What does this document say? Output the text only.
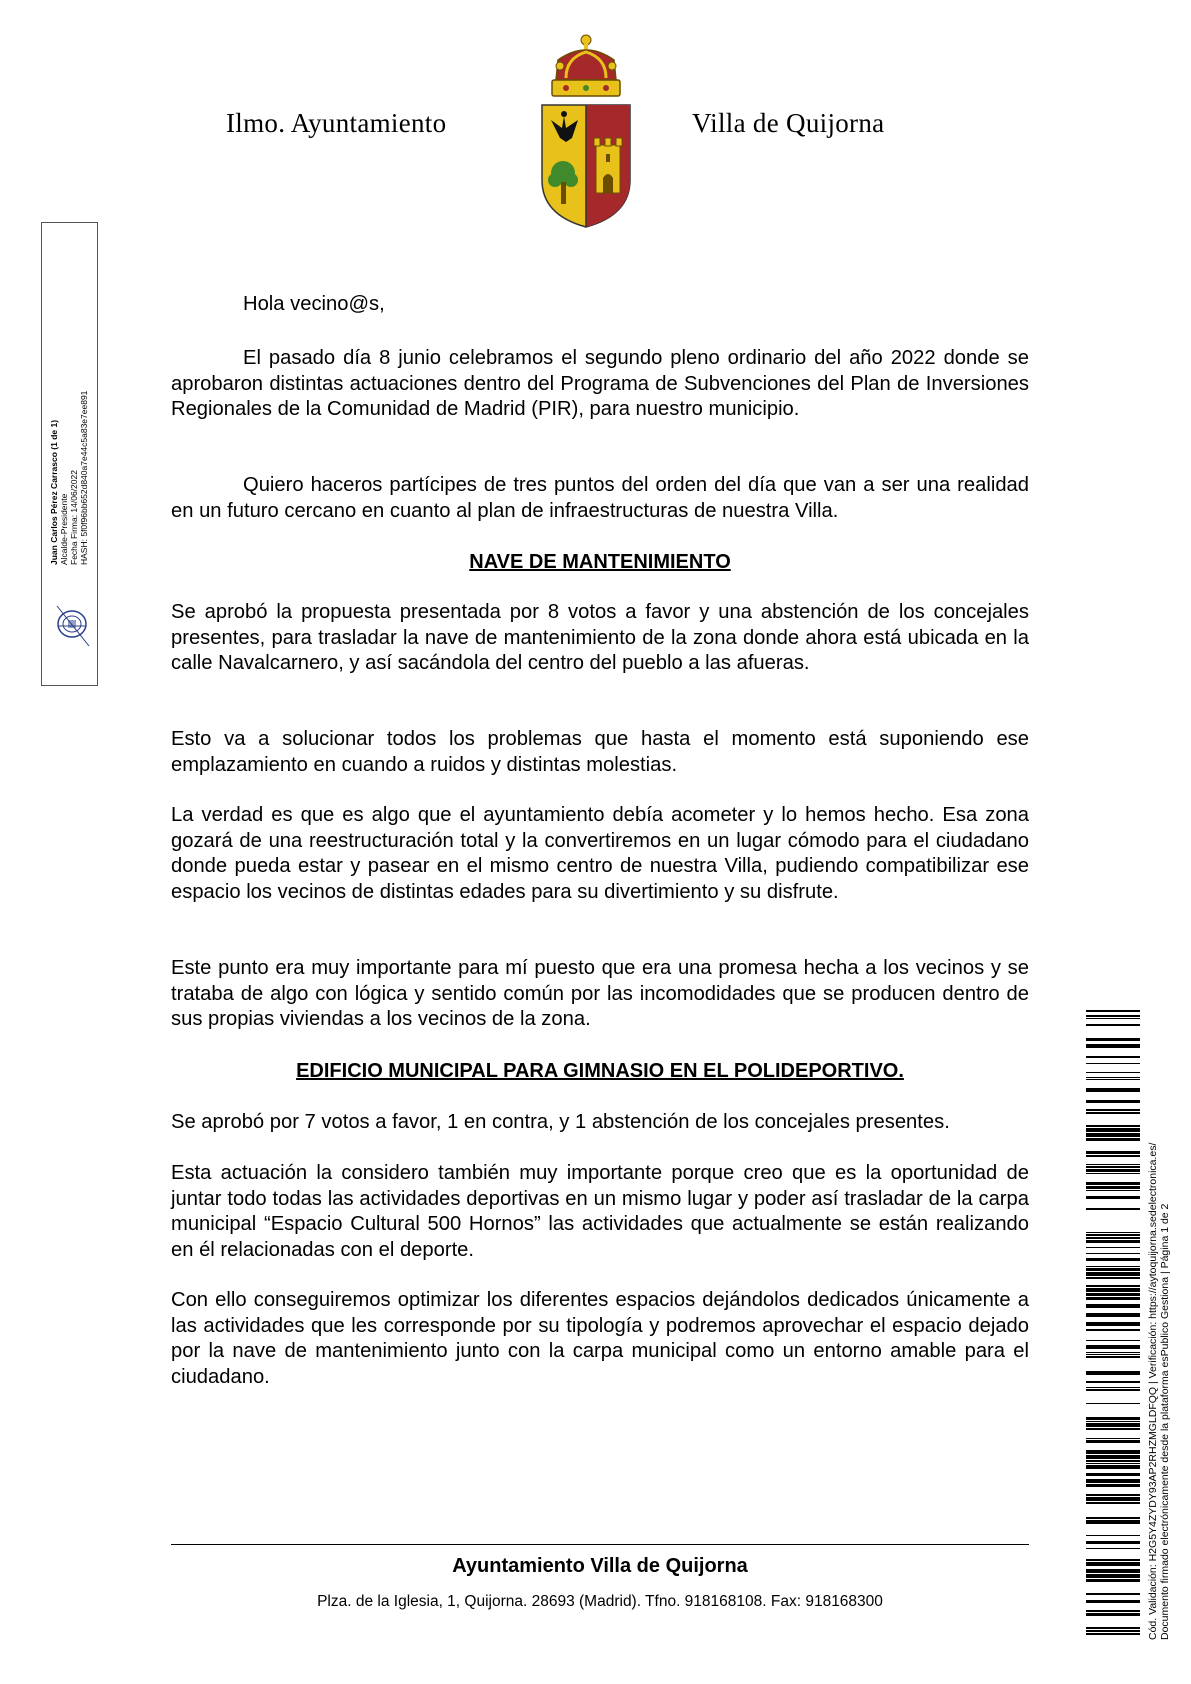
Ilmo. Ayuntamiento	Villa de Quijorna
Juan Carlos Pérez Carrasco (1 de 1) Alcalde-Presidente Fecha Firma: 14/06/2022 HASH: 5f0f96bb652d840a7e44c5a83e7ee891

Hola vecino@s,

El pasado día 8 junio celebramos el segundo pleno ordinario del año 2022 donde se aprobaron distintas actuaciones dentro del Programa de Subvenciones del Plan de Inversiones Regionales de la Comunidad de Madrid (PIR), para nuestro municipio.

Quiero haceros partícipes de tres puntos del orden del día que van a ser una realidad en un futuro cercano en cuanto al plan de infraestructuras de nuestra Villa.

NAVE DE MANTENIMIENTO

Se aprobó la propuesta presentada por 8 votos a favor y una abstención de los concejales presentes, para trasladar la nave de mantenimiento de la zona donde ahora está ubicada en la calle Navalcarnero, y así sacándola del centro del pueblo a las afueras.

Esto va a solucionar todos los problemas que hasta el momento está suponiendo ese emplazamiento en cuando a ruidos y distintas molestias.

La verdad es que es algo que el ayuntamiento debía acometer y lo hemos hecho. Esa zona gozará de una reestructuración total y la convertiremos en un lugar cómodo para el ciudadano donde pueda estar y pasear en el mismo centro de nuestra Villa, pudiendo compatibilizar ese espacio los vecinos de distintas edades para su divertimiento y su disfrute.

Este punto era muy importante para mí puesto que era una promesa hecha a los vecinos y se trataba de algo con lógica y sentido común por las incomodidades que se producen dentro de sus propias viviendas a los vecinos de la zona.

EDIFICIO MUNICIPAL PARA GIMNASIO EN EL POLIDEPORTIVO.

Se aprobó por 7 votos a favor, 1 en contra, y 1 abstención de los concejales presentes.

Esta actuación la considero también muy importante porque creo que es la oportunidad de juntar todo todas las actividades deportivas en un mismo lugar y poder así trasladar de la carpa municipal “Espacio Cultural 500 Hornos” las actividades que actualmente se están realizando en él relacionadas con el deporte.

Con ello conseguiremos optimizar los diferentes espacios dejándolos dedicados únicamente a las actividades que les corresponde por su tipología y podremos aprovechar el espacio dejado por la nave de mantenimiento junto con la carpa municipal como un entorno amable para el ciudadano.

Ayuntamiento Villa de Quijorna
Plza. de la Iglesia, 1, Quijorna. 28693 (Madrid). Tfno. 918168108. Fax: 918168300	Cód. Validación: H2G5Y4ZYDY93AP2RHZMGLDFQQ | Verificación: https://aytoquijorna.sedelectronica.es/ Documento firmado electrónicamente desde la plataforma esPublico Gestiona | Página 1 de 2
